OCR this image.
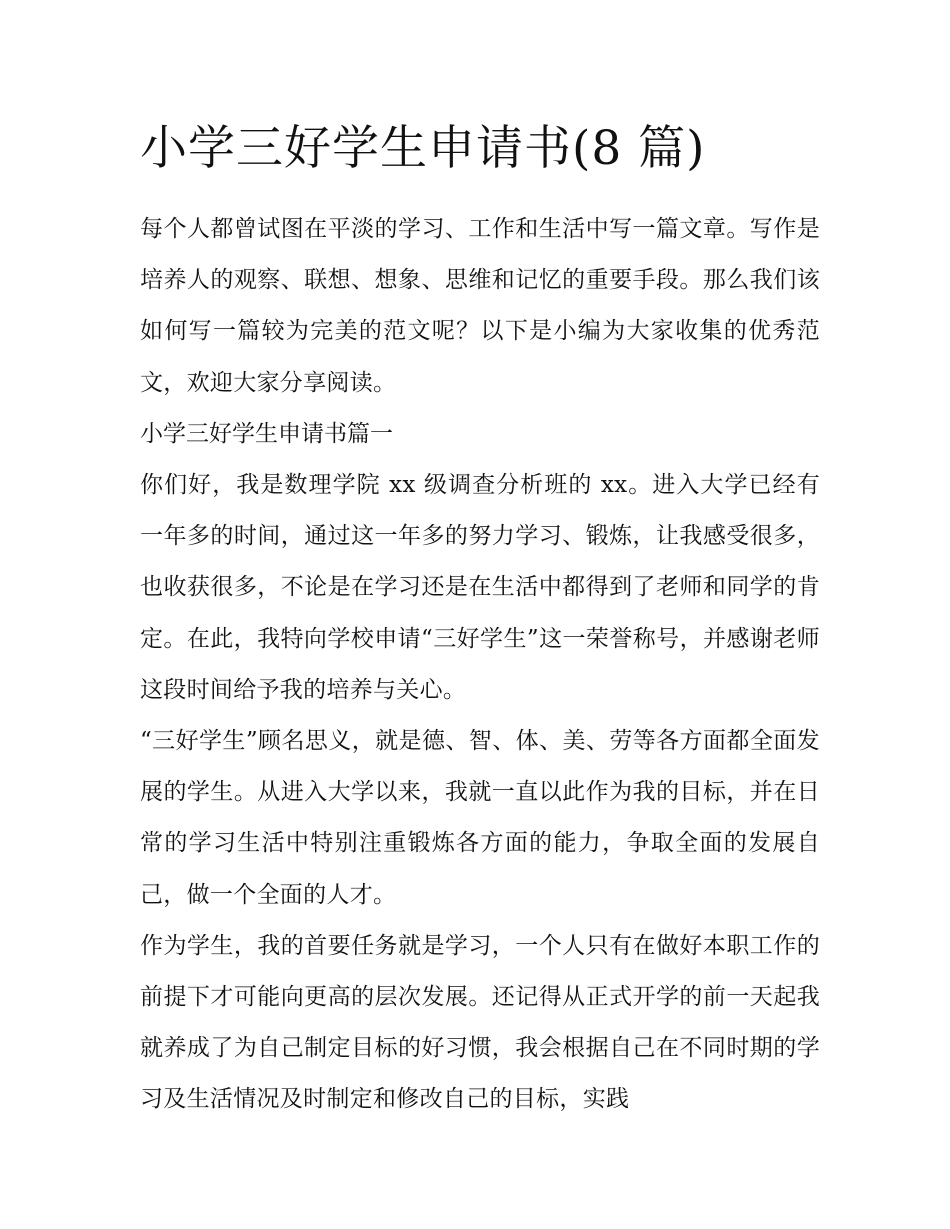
小学三好学生申请书(8 篇)

每个人都曾试图在平淡的学习、工作和生活中写一篇文章。写作是培养人的观察、联想、想象、思维和记忆的重要手段。那么我们该如何写一篇较为完美的范文呢？以下是小编为大家收集的优秀范文，欢迎大家分享阅读。

小学三好学生申请书篇一

你们好，我是数理学院 xx 级调查分析班的 xx。进入大学已经有一年多的时间，通过这一年多的努力学习、锻炼，让我感受很多，也收获很多，不论是在学习还是在生活中都得到了老师和同学的肯定。在此，我特向学校申请“三好学生”这一荣誉称号，并感谢老师这段时间给予我的培养与关心。

“三好学生”顾名思义，就是德、智、体、美、劳等各方面都全面发展的学生。从进入大学以来，我就一直以此作为我的目标，并在日常的学习生活中特别注重锻炼各方面的能力，争取全面的发展自己，做一个全面的人才。

作为学生，我的首要任务就是学习，一个人只有在做好本职工作的前提下才可能向更高的层次发展。还记得从正式开学的前一天起我就养成了为自己制定目标的好习惯，我会根据自己在不同时期的学习及生活情况及时制定和修改自己的目标，实践
